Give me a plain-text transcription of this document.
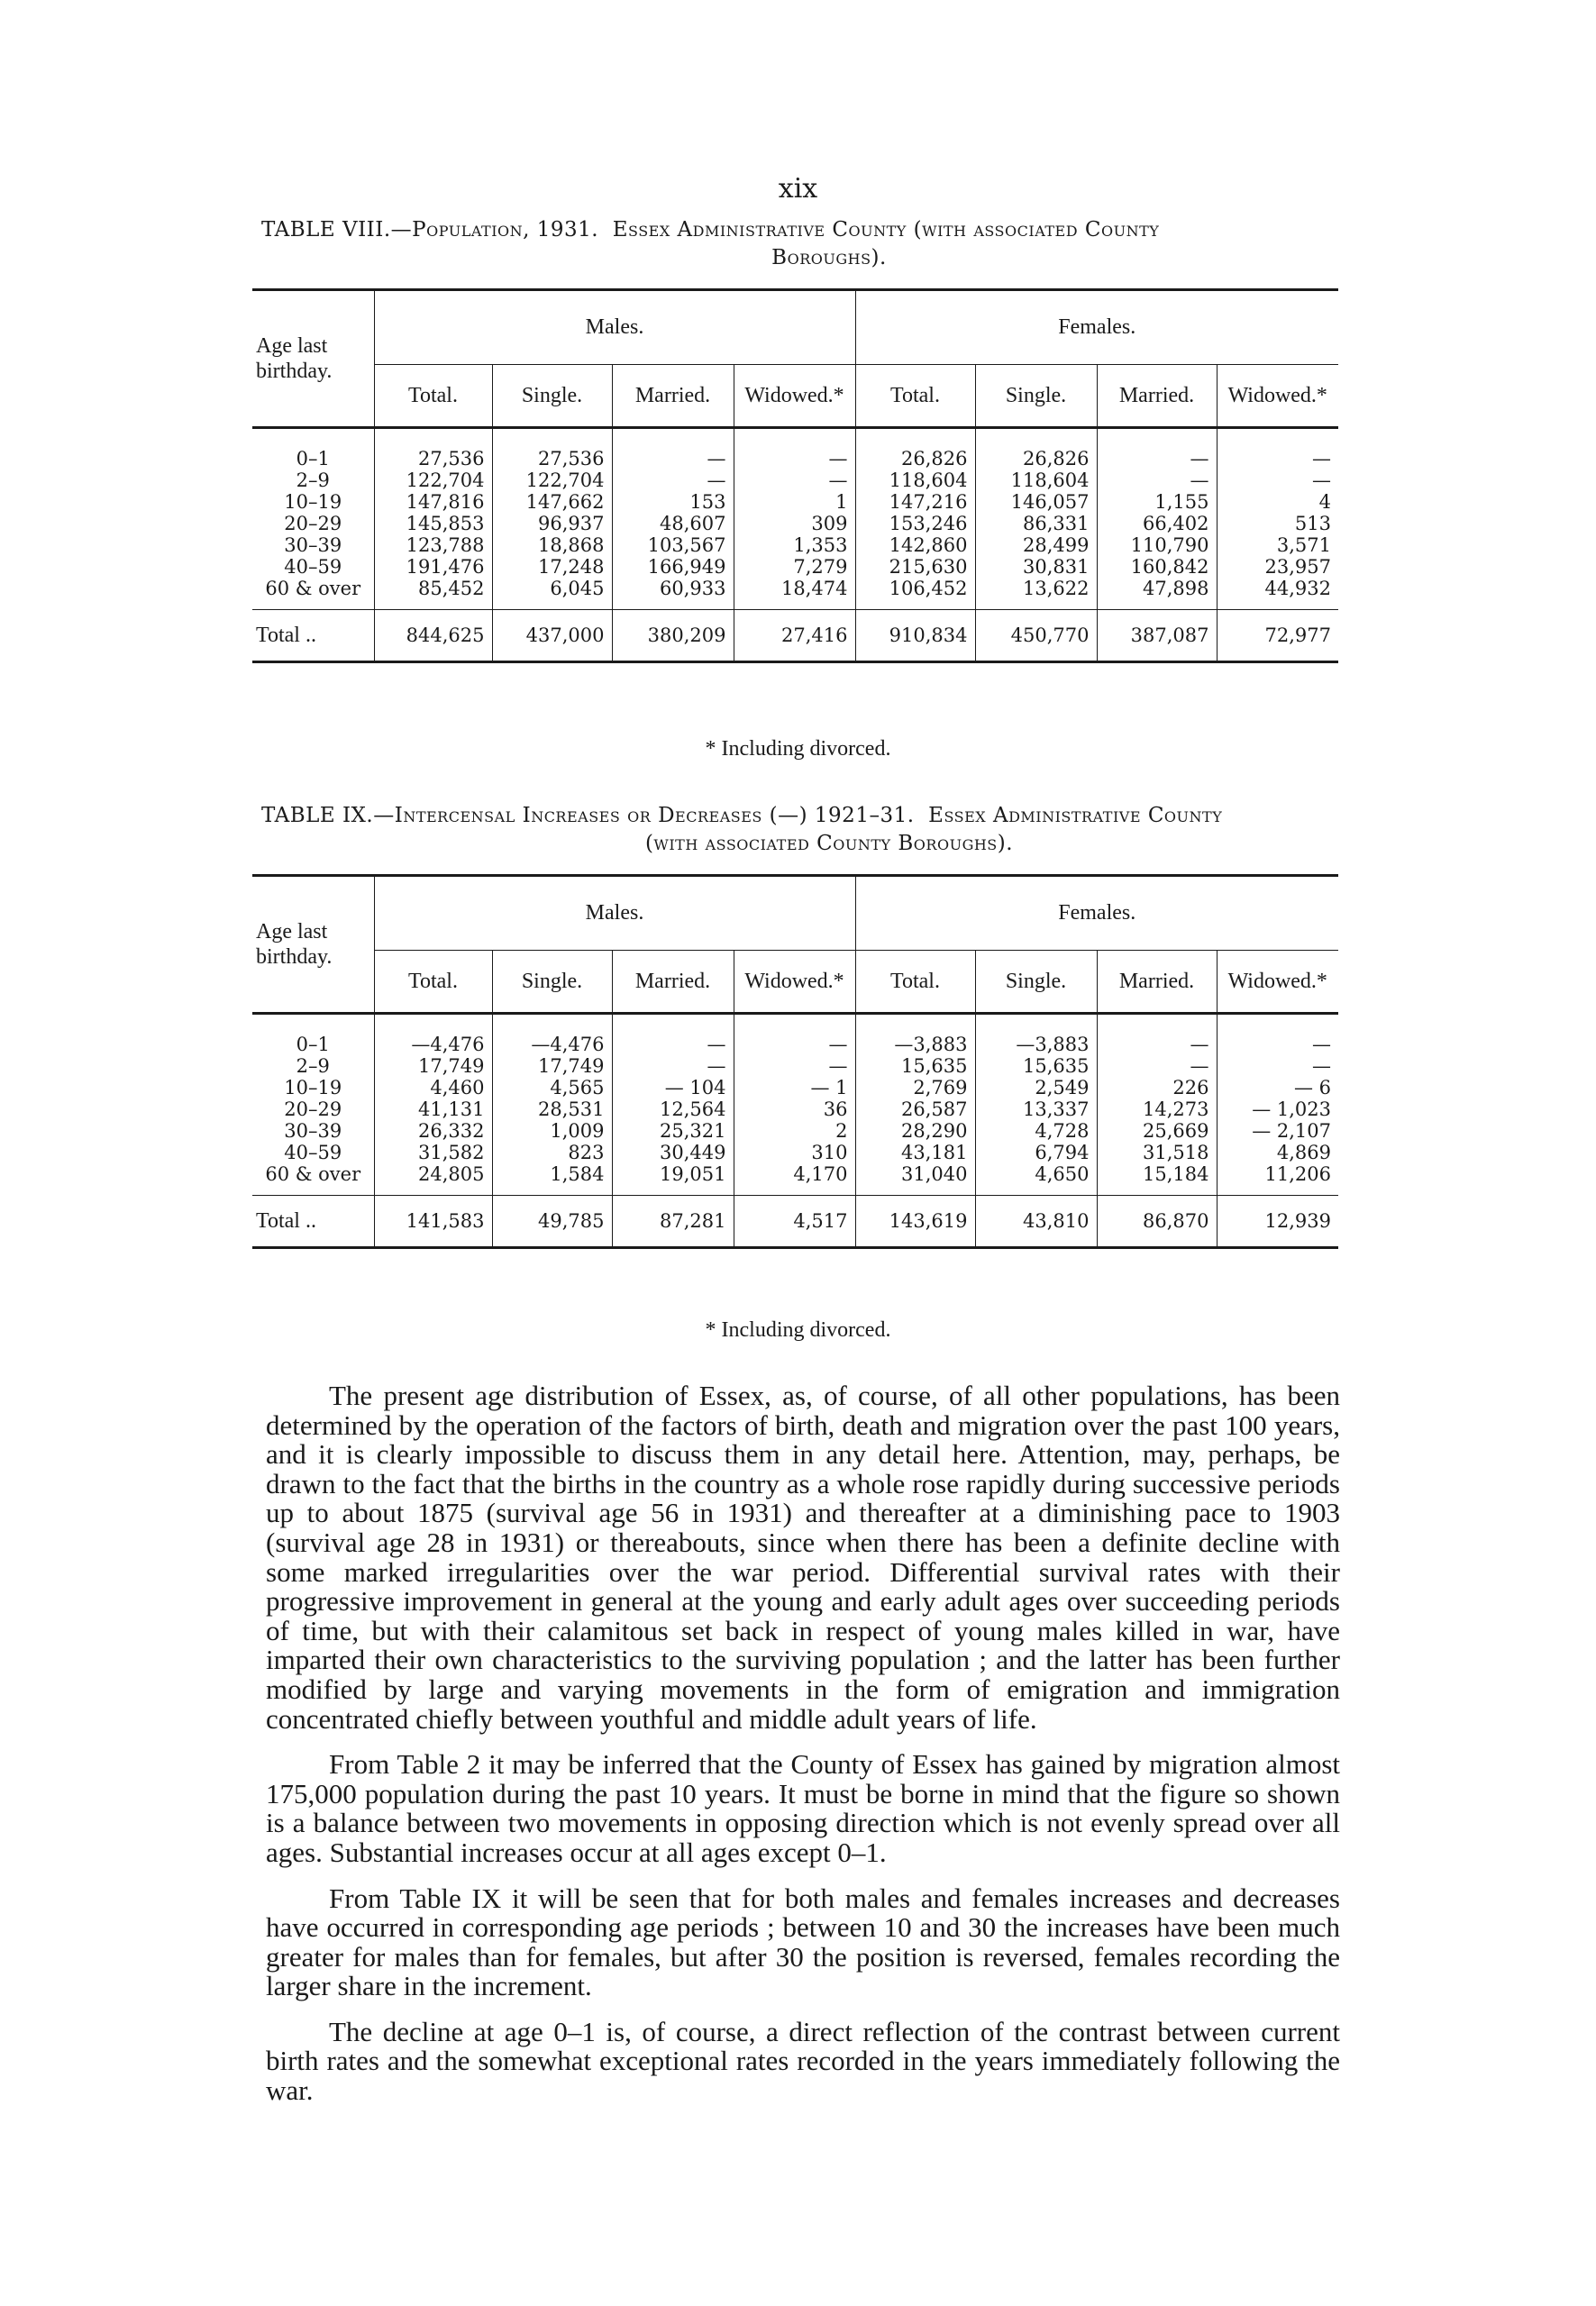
xix
TABLE VIII.—Population, 1931. Essex Administrative County (with associated County
Boroughs).
Age last birthday.	Males.				Females.			
	Total.	Single.	Married.	Widowed.*	Total.	Single.	Married.	Widowed.*

0–1	27,536	27,536	—	—	26,826	26,826	—	—
2–9	122,704	122,704	—	—	118,604	118,604	—	—
10–19	147,816	147,662	153	1	147,216	146,057	1,155	4
20–29	145,853	96,937	48,607	309	153,246	86,331	66,402	513
30–39	123,788	18,868	103,567	1,353	142,860	28,499	110,790	3,571
40–59	191,476	17,248	166,949	7,279	215,630	30,831	160,842	23,957
60 & over	85,452	6,045	60,933	18,474	106,452	13,622	47,898	44,932

Total ..	844,625	437,000	380,209	27,416	910,834	450,770	387,087	72,977
* Including divorced.
TABLE IX.—Intercensal Increases or Decreases (—) 1921–31. Essex Administrative County
(with associated County Boroughs).
Age last birthday.	Males.				Females.			
	Total.	Single.	Married.	Widowed.*	Total.	Single.	Married.	Widowed.*

0–1	—4,476	—4,476	—	—	—3,883	—3,883	—	—
2–9	17,749	17,749	—	—	15,635	15,635	—	—
10–19	4,460	4,565	— 104	— 1	2,769	2,549	226	— 6
20–29	41,131	28,531	12,564	36	26,587	13,337	14,273	— 1,023
30–39	26,332	1,009	25,321	2	28,290	4,728	25,669	— 2,107
40–59	31,582	823	30,449	310	43,181	6,794	31,518	4,869
60 & over	24,805	1,584	19,051	4,170	31,040	4,650	15,184	11,206

Total ..	141,583	49,785	87,281	4,517	143,619	43,810	86,870	12,939
* Including divorced.

The present age distribution of Essex, as, of course, of all other populations, has been determined by the operation of the factors of birth, death and migration over the past 100 years, and it is clearly impossible to discuss them in any detail here. Attention, may, perhaps, be drawn to the fact that the births in the country as a whole rose rapidly during successive periods up to about 1875 (survival age 56 in 1931) and thereafter at a diminishing pace to 1903 (survival age 28 in 1931) or thereabouts, since when there has been a definite decline with some marked irregularities over the war period. Differential survival rates with their progressive improvement in general at the young and early adult ages over succeeding periods of time, but with their calamitous set back in respect of young males killed in war, have imparted their own characteristics to the surviving population ; and the latter has been further modified by large and varying movements in the form of emigration and immigration concentrated chiefly between youthful and middle adult years of life.

From Table 2 it may be inferred that the County of Essex has gained by migration almost 175,000 population during the past 10 years. It must be borne in mind that the figure so shown is a balance between two movements in opposing direction which is not evenly spread over all ages. Substantial increases occur at all ages except 0–1.

From Table IX it will be seen that for both males and females increases and decreases have occurred in corresponding age periods ; between 10 and 30 the increases have been much greater for males than for females, but after 30 the position is reversed, females recording the larger share in the increment.

The decline at age 0–1 is, of course, a direct reflection of the contrast between current birth rates and the somewhat exceptional rates recorded in the years immediately following the war.
